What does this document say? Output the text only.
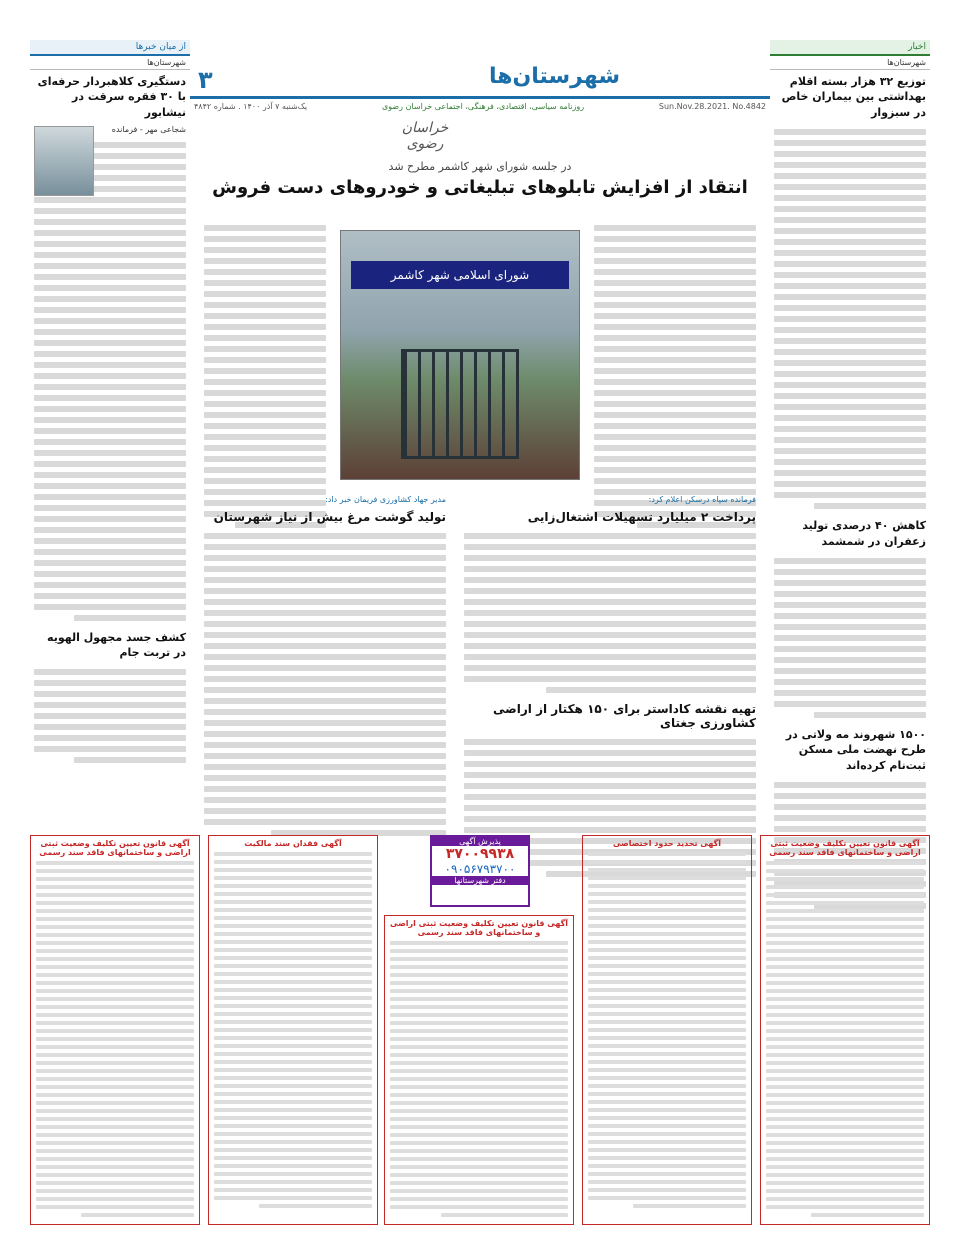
۳	شهرستان‌ها
Sun.Nov.28.2021. No.4842
روزنامه سیاسی، اقتصادی، فرهنگی، اجتماعی خراسان رضوی
یک‌شنبه ۷ آذر ۱۴۰۰ . شماره ۴۸۴۲
خراسان رضوی
اخبار
شهرستان‌ها
توزیع ۳۲ هزار بسته اقلام بهداشتی بین بیماران خاص در سبزوار
کاهش ۴۰ درصدی تولید زعفران در شمشمد
۱۵۰۰ شهروند مه ولاتی در طرح نهضت ملی مسکن ثبت‌نام کرده‌اند
از میان خبرها
شهرستان‌ها
دستگیری کلاهبردار حرفه‌ای با ۳۰ فقره سرقت در نیشابور
شجاعی مهر - فرمانده
کشف جسد مجهول الهویه در تربت جام
در جلسه شورای شهر کاشمر مطرح شد
انتقاد از افزایش تابلوهای تبلیغاتی و خودروهای دست فروش
شورای اسلامی شهر کاشمر
فرمانده سپاه درسکن اعلام کرد:
پرداخت ۲ میلیارد تسهیلات اشتغال‌زایی
تهیه نقشه کاداستر برای ۱۵۰ هکتار از اراضی کشاورزی جغتای
مدیر جهاد کشاورزی فریمان خبر داد:
تولید گوشت مرغ بیش از نیاز شهرستان
آگهی قانون تعیین تکلیف وضعیت ثبتی اراضی و ساختمانهای فاقد سند رسمی
آگهی تحدید حدود اختصاصی
آگهی قانون تعیین تکلیف وضعیت ثبتی اراضی و ساختمانهای فاقد سند رسمی
پذیرش آگهی
۳۷۰۰۹۹۳۸
۰۹۰۵۶۷۹۳۷۰۰
دفتر شهرستانها
آگهی فقدان سند مالکیت
آگهی قانون تعیین تکلیف وضعیت ثبتی اراضی و ساختمانهای فاقد سند رسمی
